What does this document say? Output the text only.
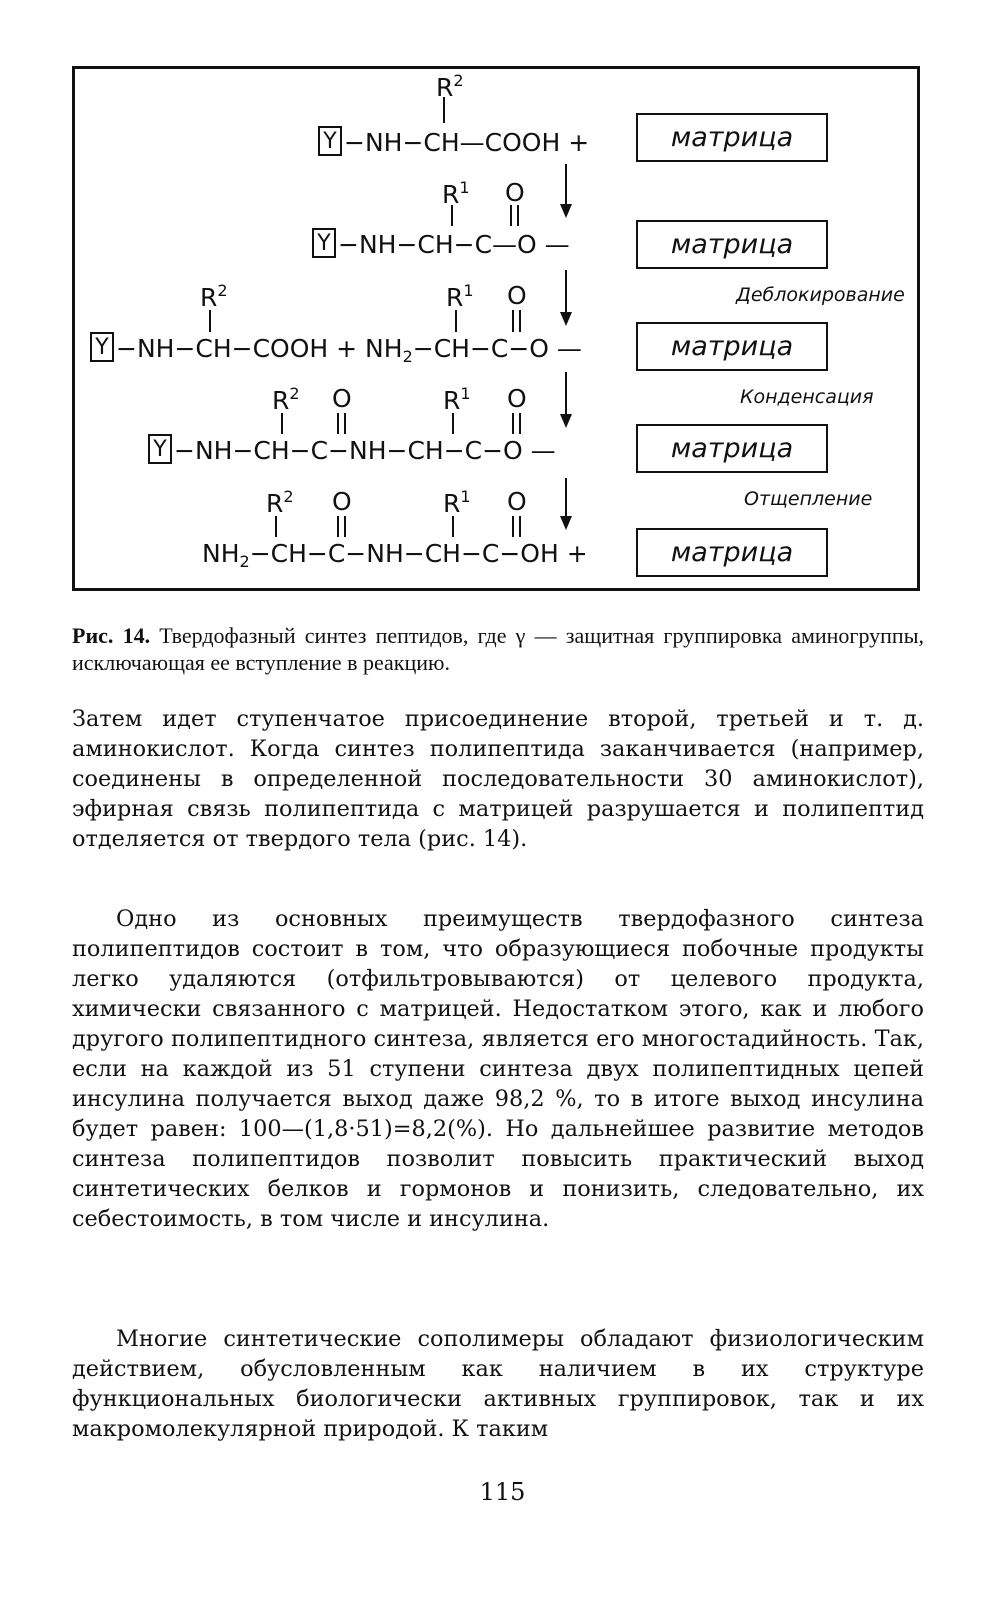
$R^2$
Y −NH−CH—COOH +	матрица
$R^1$ O
Y −NH−CH−C—O —	матрица
Деблокирование
$R^2$	$R^1$ O
Y −NH−CH−COOH + $NH_2-CH-C-O$ —	матрица
Конденсация
$R^2$ O	$R^1$ O
Y −NH−CH−C−NH−CH−C−O —	матрица
Отщепление
$R^2$ O	$R^1$ O
$NH_2-CH-C-NH-CH-C-OH$ +	матрица
Рис. 14. Твердофазный синтез пептидов, где γ — защитная группировка аминогруппы, исключающая ее вступление в реакцию.

Затем идет ступенчатое присоединение второй, третьей и т. д. аминокислот. Когда синтез полипептида заканчивается (например, соединены в определенной последовательности 30 аминокислот), эфирная связь полипептида с матрицей разрушается и полипептид отделяется от твердого тела (рис. 14).

Одно из основных преимуществ твердофазного синтеза полипептидов состоит в том, что образующиеся побочные продукты легко удаляются (отфильтровываются) от целевого продукта, химически связанного с матрицей. Недостатком этого, как и любого другого полипептидного синтеза, является его многостадийность. Так, если на каждой из 51 ступени синтеза двух полипептидных цепей инсулина получается выход даже 98,2 %, то в итоге выход инсулина будет равен: 100—(1,8·51)=8,2(%). Но дальнейшее развитие методов синтеза полипептидов позволит повысить практический выход синтетических белков и гормонов и понизить, следовательно, их себестоимость, в том числе и инсулина.

Многие синтетические сополимеры обладают физиологическим действием, обусловленным как наличием в их структуре функциональных биологически активных группировок, так и их макромолекулярной природой. К таким

115
